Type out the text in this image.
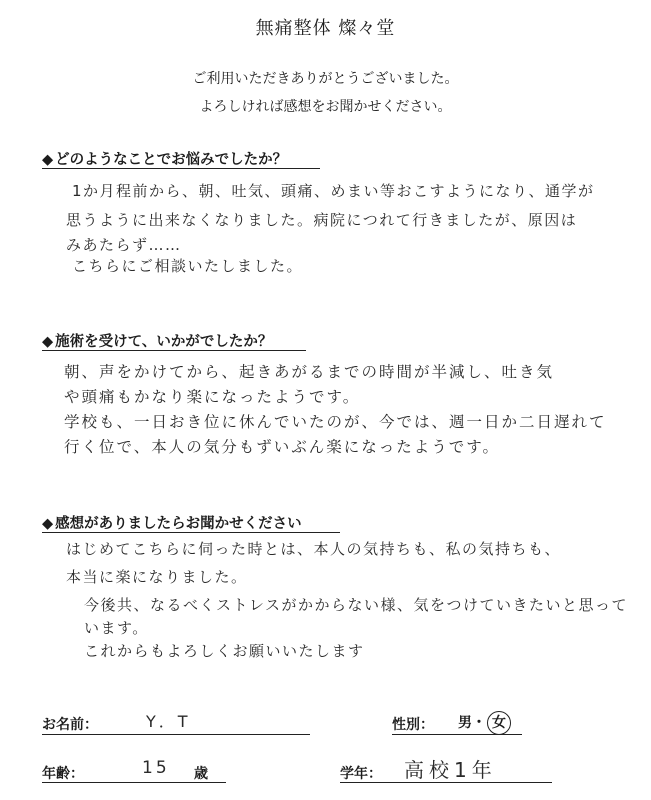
無痛整体 燦々堂
ご利用いただきありがとうございました。
よろしければ感想をお聞かせください。
◆ どのようなことでお悩みでしたか？
1か月程前から、朝、吐気、頭痛、めまい等おこすようになり、通学が
思うように出来なくなりました。病院につれて行きましたが、原因は
みあたらず……
こちらにご相談いたしました。
◆ 施術を受けて、いかがでしたか？
朝、声をかけてから、起きあがるまでの時間が半減し、吐き気
や頭痛もかなり楽になったようです。
学校も、一日おき位に休んでいたのが、今では、週一日か二日遅れて
行く位で、本人の気分もずいぶん楽になったようです。
◆ 感想がありましたらお聞かせください
はじめてこちらに伺った時とは、本人の気持ちも、私の気持ちも、
本当に楽になりました。
今後共、なるべくストレスがかからない様、気をつけていきたいと思って
います。
これからもよろしくお願いいたします
お名前：	Y．T	性別： 男・ 女
年齢：	15 歳	学年： 高校1年
